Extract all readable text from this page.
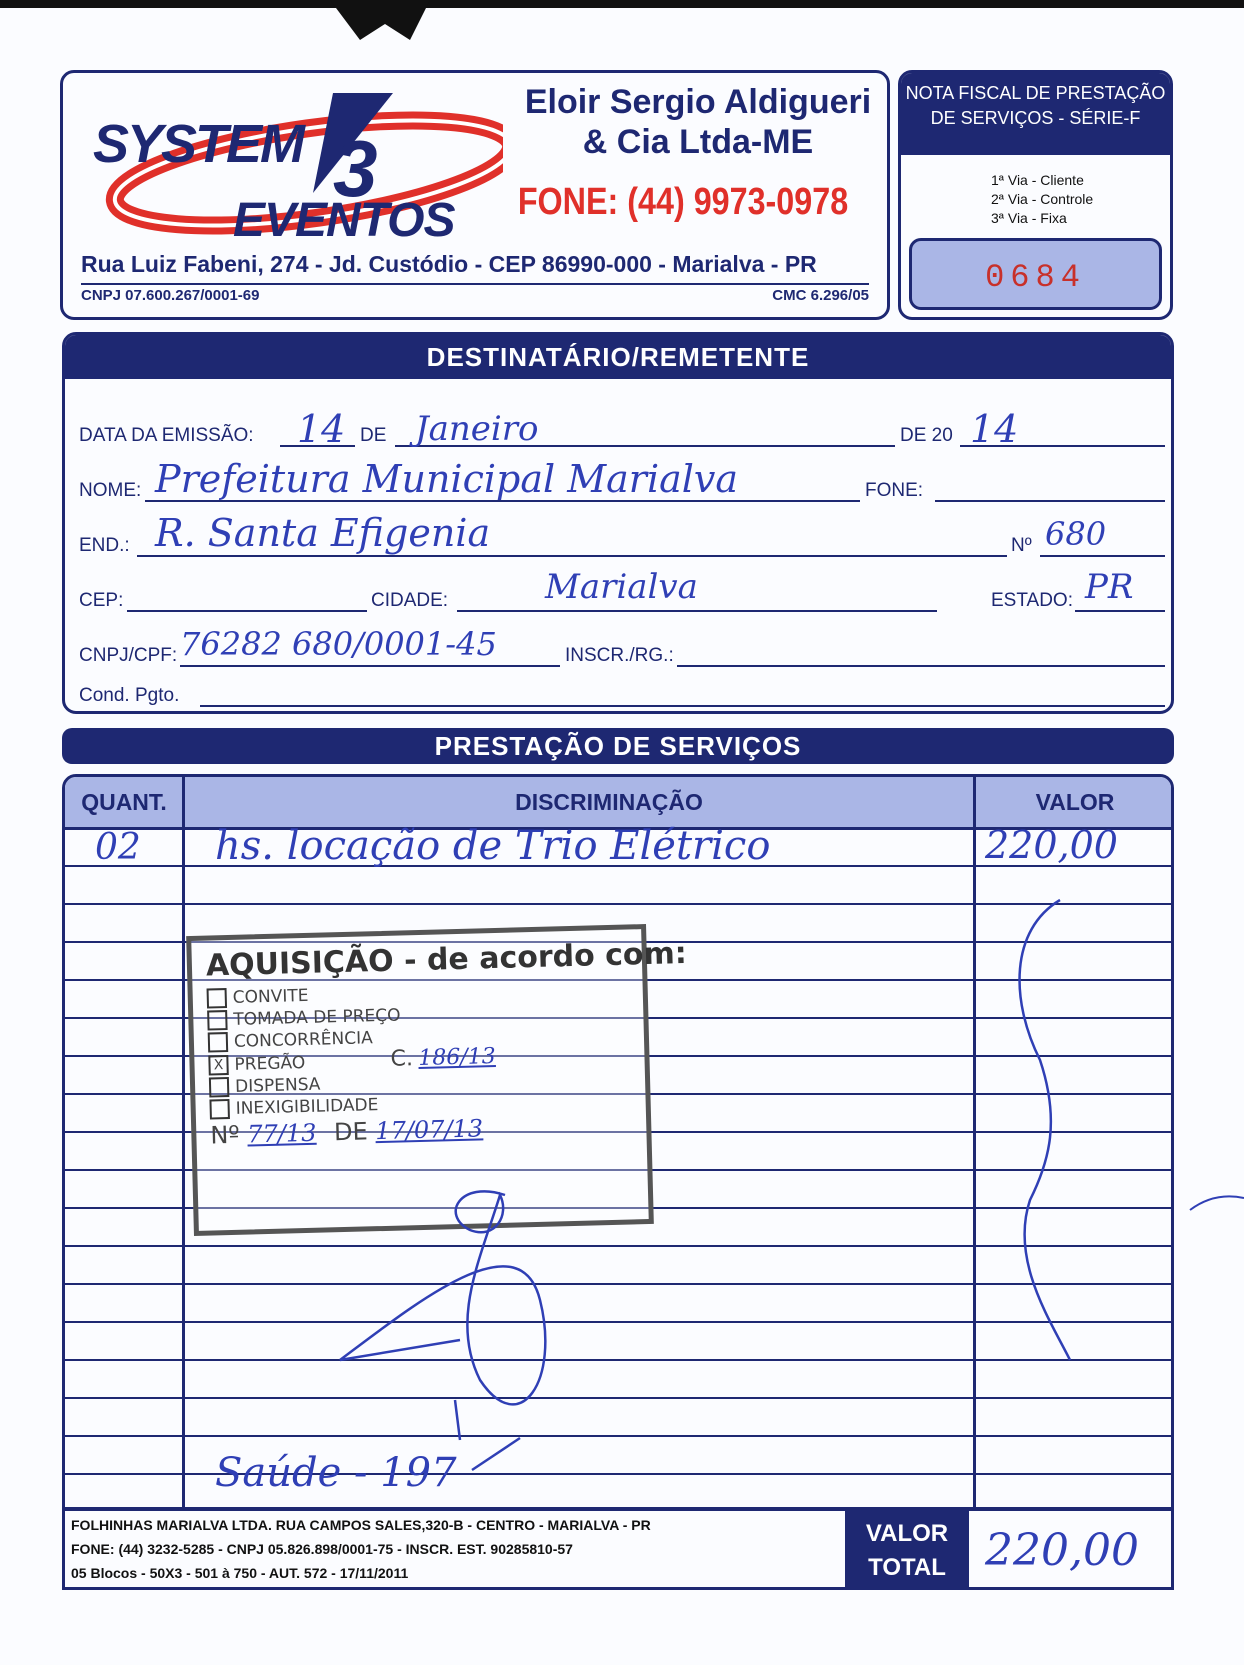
SYSTEM 3
EVENTOS
Eloir Sergio Aldigueri
& Cia Ltda-ME
FONE: (44) 9973-0978
Rua Luiz Fabeni, 274 - Jd. Custódio - CEP 86990-000 - Marialva - PR
CNPJ 07.600.267/0001-69	CMC 6.296/05
NOTA FISCAL DE PRESTAÇÃO
DE SERVIÇOS - SÉRIE-F
1ª Via - Cliente
2ª Via - Controle
3ª Via - Fixa
0684
DESTINATÁRIO/REMETENTE
DATA DA EMISSÃO: 14 DE Janeiro	DE 20 14
NOME: Prefeitura Municipal Marialva	FONE:
END.: R. Santa Efigenia	Nº 680
CEP:	CIDADE:	Marialva	ESTADO: PR
CNPJ/CPF: 76282 680/0001-45	INSCR./RG.:
Cond. Pgto.
PRESTAÇÃO DE SERVIÇOS
QUANT.	DISCRIMINAÇÃO	VALOR
02 hs. locação de Trio Elétrico	220,00
AQUISIÇÃO - de acordo com:
CONVITE
TOMADA DE PREÇO
CONCORRÊNCIA
X PREGÃO	C. 186/13
DISPENSA
INEXIGIBILIDADE
Nº 77/13 DE 17/07/13
Saúde - 197
FOLHINHAS MARIALVA LTDA. RUA CAMPOS SALES,320-B - CENTRO - MARIALVA - PR
FONE: (44) 3232-5285 - CNPJ 05.826.898/0001-75 - INSCR. EST. 90285810-57
05 Blocos - 50X3 - 501 à 750 - AUT. 572 - 17/11/2011
VALOR
TOTAL 220,00
